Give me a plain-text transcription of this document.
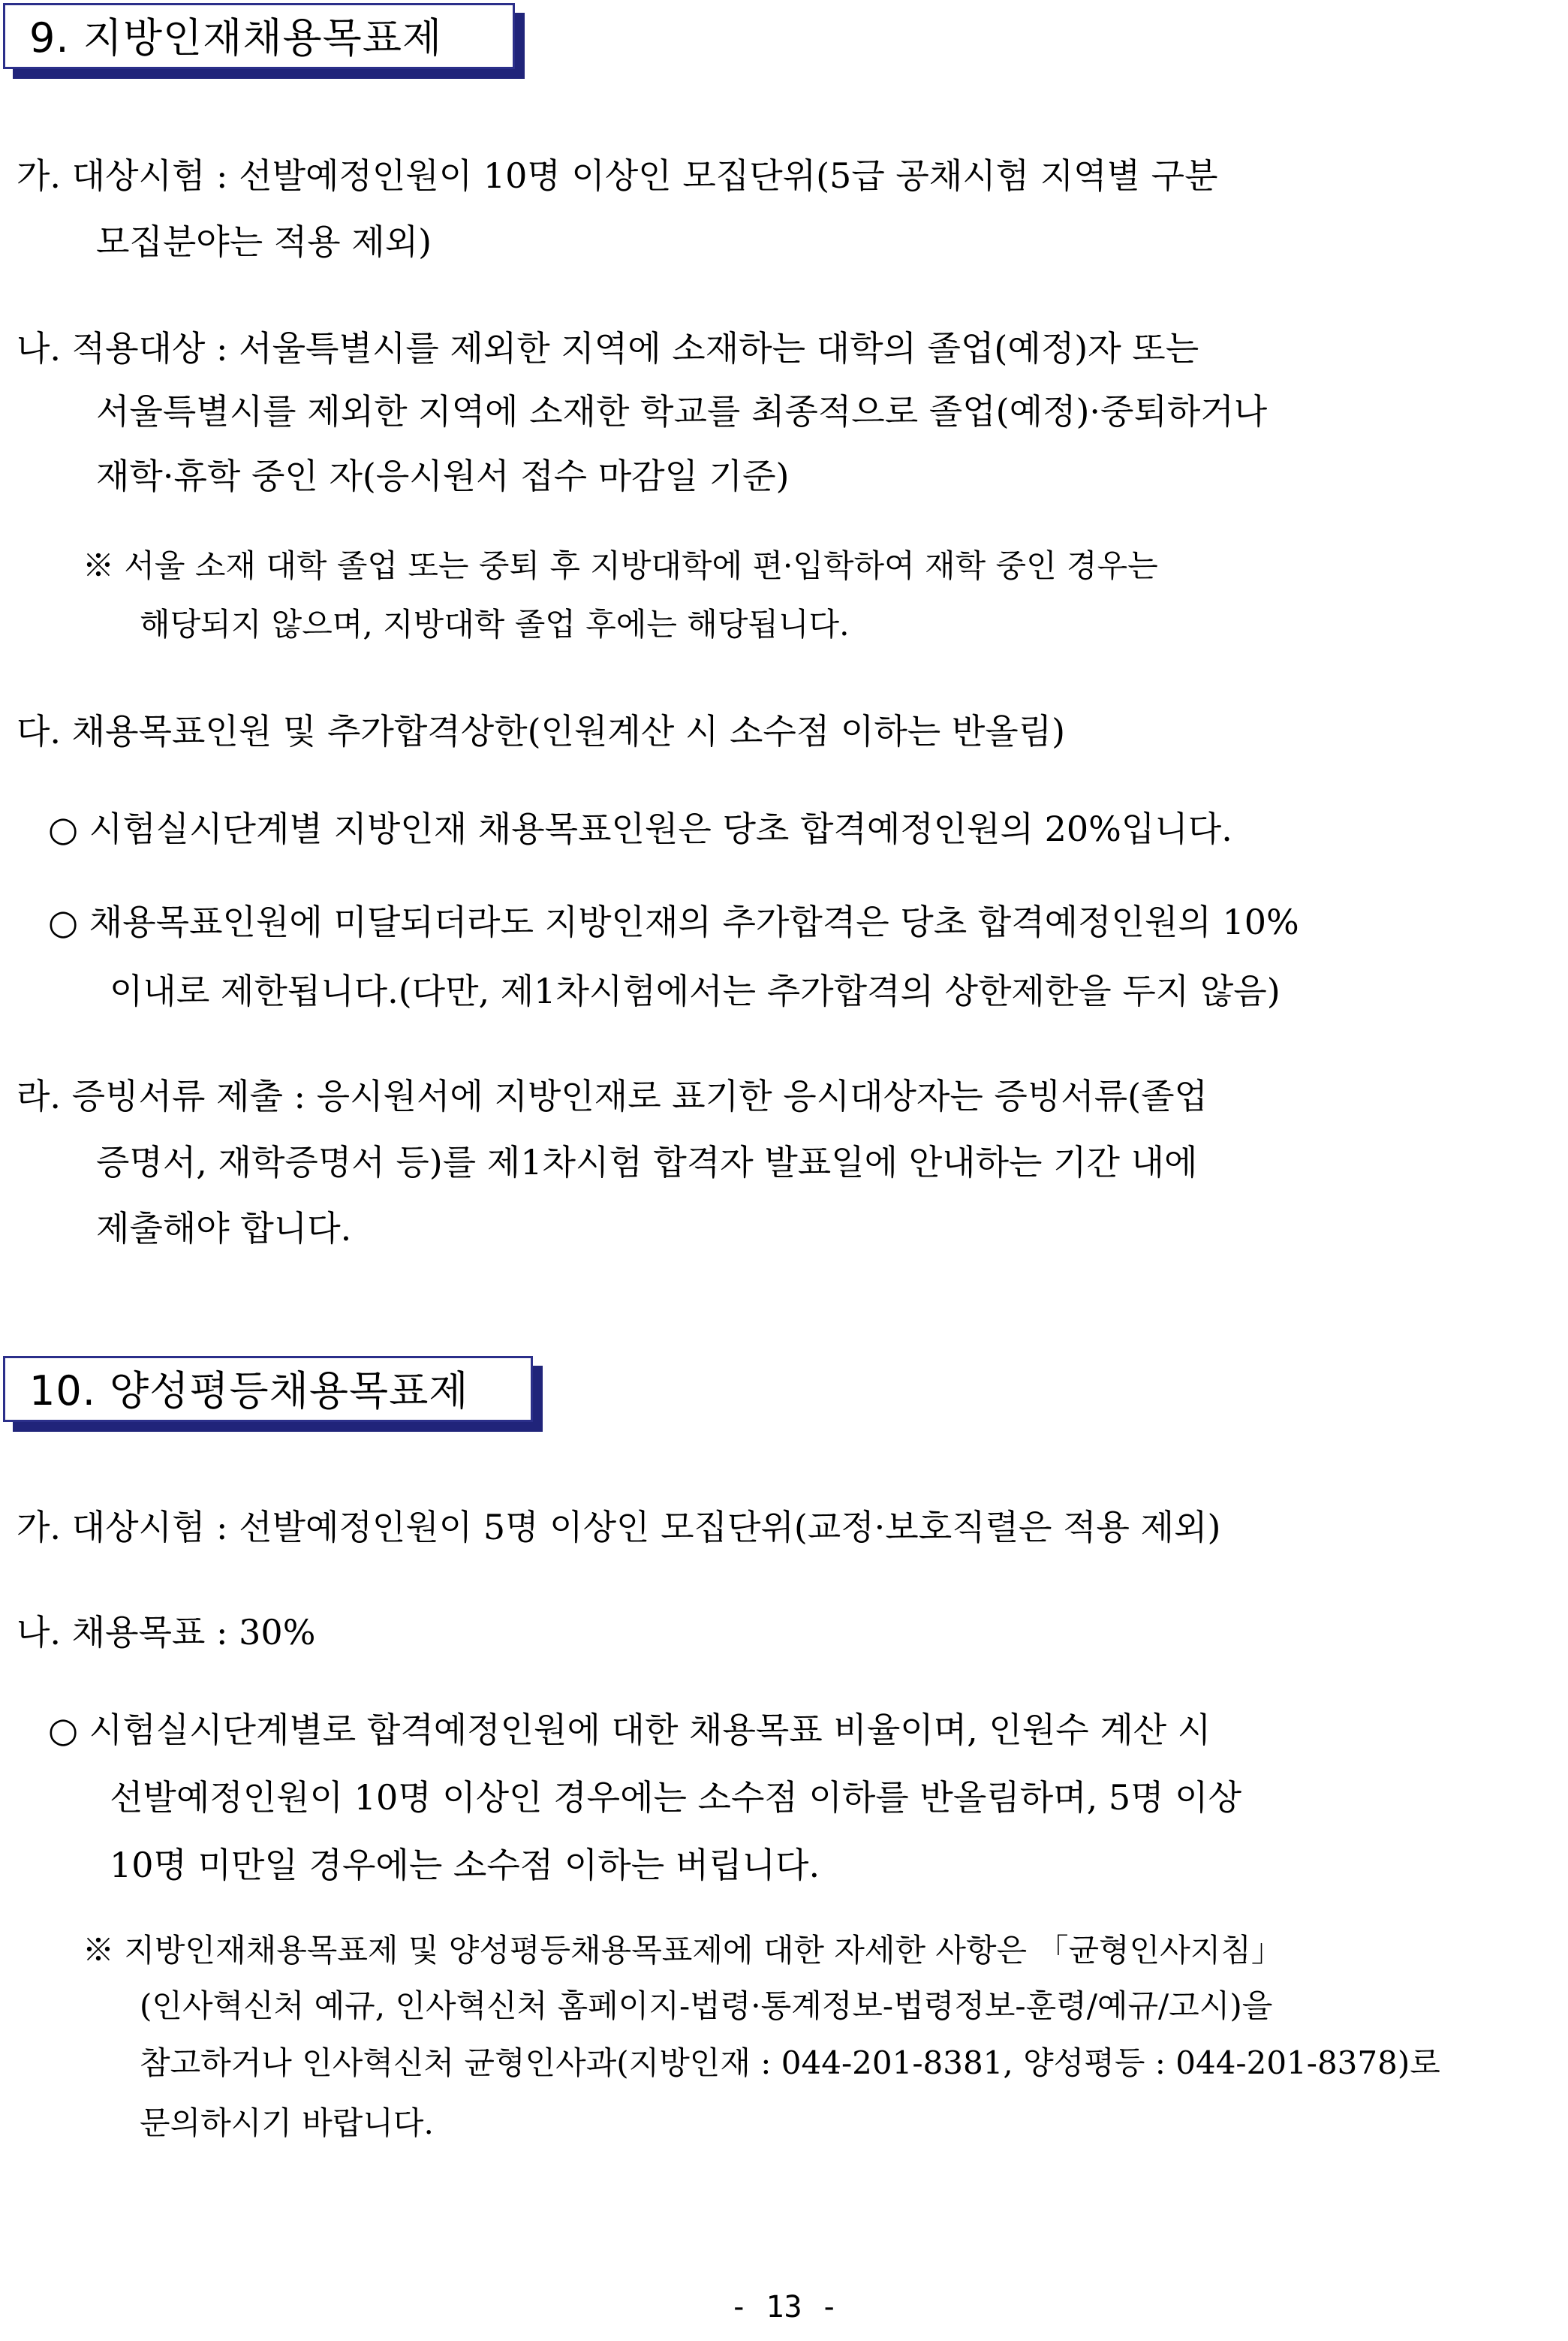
9. 지방인재채용목표제
가. 대상시험 : 선발예정인원이 10명 이상인 모집단위(5급 공채시험 지역별 구분
모집분야는 적용 제외)
나. 적용대상 : 서울특별시를 제외한 지역에 소재하는 대학의 졸업(예정)자 또는
서울특별시를 제외한 지역에 소재한 학교를 최종적으로 졸업(예정)·중퇴하거나
재학·휴학 중인 자(응시원서 접수 마감일 기준)
※ 서울 소재 대학 졸업 또는 중퇴 후 지방대학에 편·입학하여 재학 중인 경우는
해당되지 않으며, 지방대학 졸업 후에는 해당됩니다.
다. 채용목표인원 및 추가합격상한(인원계산 시 소수점 이하는 반올림)
○ 시험실시단계별 지방인재 채용목표인원은 당초 합격예정인원의 20%입니다.
○ 채용목표인원에 미달되더라도 지방인재의 추가합격은 당초 합격예정인원의 10%
이내로 제한됩니다.(다만, 제1차시험에서는 추가합격의 상한제한을 두지 않음)
라. 증빙서류 제출 : 응시원서에 지방인재로 표기한 응시대상자는 증빙서류(졸업
증명서, 재학증명서 등)를 제1차시험 합격자 발표일에 안내하는 기간 내에
제출해야 합니다.
10. 양성평등채용목표제
가. 대상시험 : 선발예정인원이 5명 이상인 모집단위(교정·보호직렬은 적용 제외)
나. 채용목표 : 30%
○ 시험실시단계별로 합격예정인원에 대한 채용목표 비율이며, 인원수 계산 시
선발예정인원이 10명 이상인 경우에는 소수점 이하를 반올림하며, 5명 이상
10명 미만일 경우에는 소수점 이하는 버립니다.
※ 지방인재채용목표제 및 양성평등채용목표제에 대한 자세한 사항은 「균형인사지침」
(인사혁신처 예규, 인사혁신처 홈페이지-법령·통계정보-법령정보-훈령/예규/고시)을
참고하거나 인사혁신처 균형인사과(지방인재 : 044-201-8381, 양성평등 : 044-201-8378)로
문의하시기 바랍니다.
- 13 -
